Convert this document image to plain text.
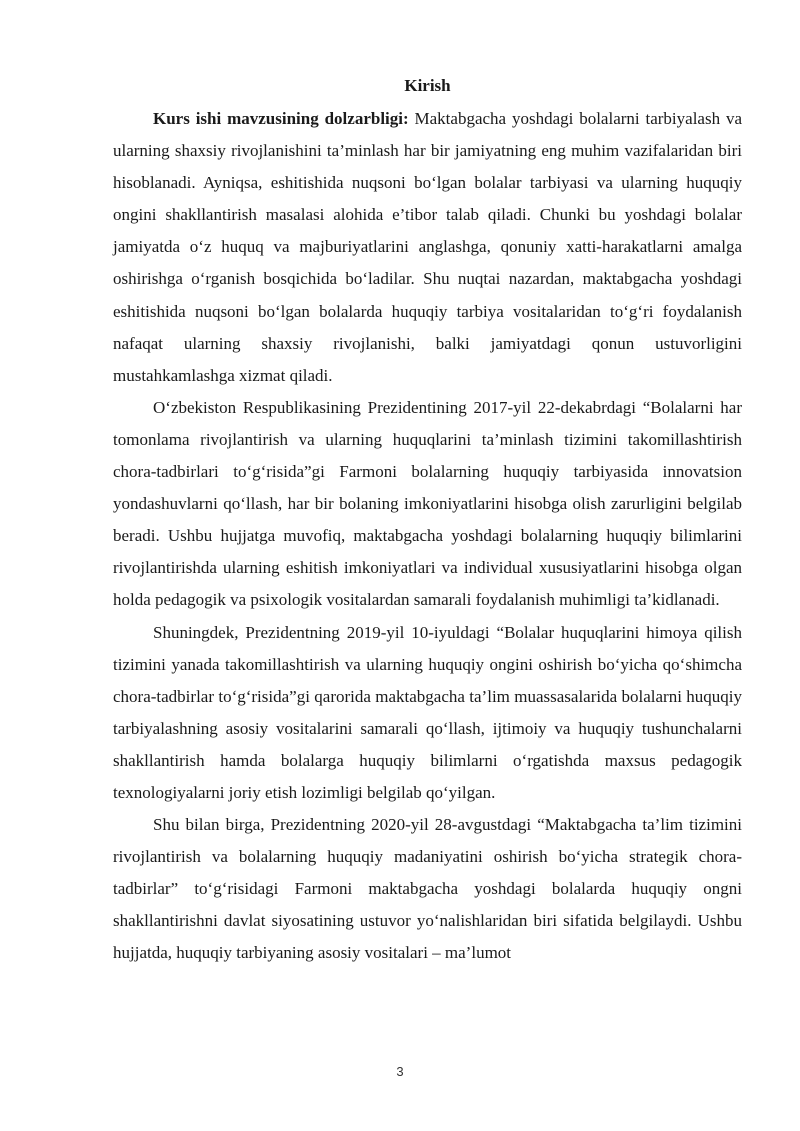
Kirish

Kurs ishi mavzusining dolzarbligi: Maktabgacha yoshdagi bolalarni tarbiyalash va ularning shaxsiy rivojlanishini ta’minlash har bir jamiyatning eng muhim vazifalaridan biri hisoblanadi. Ayniqsa, eshitishida nuqsoni bo‘lgan bolalar tarbiyasi va ularning huquqiy ongini shakllantirish masalasi alohida e’tibor talab qiladi. Chunki bu yoshdagi bolalar jamiyatda o‘z huquq va majburiyatlarini anglashga, qonuniy xatti-harakatlarni amalga oshirishga o‘rganish bosqichida bo‘ladilar. Shu nuqtai nazardan, maktabgacha yoshdagi eshitishida nuqsoni bo‘lgan bolalarda huquqiy tarbiya vositalaridan to‘g‘ri foydalanish nafaqat ularning shaxsiy rivojlanishi, balki jamiyatdagi qonun ustuvorligini mustahkamlashga xizmat qiladi.

O‘zbekiston Respublikasining Prezidentining 2017-yil 22-dekabrdagi “Bolalarni har tomonlama rivojlantirish va ularning huquqlarini ta’minlash tizimini takomillashtirish chora-tadbirlari to‘g‘risida”gi Farmoni bolalarning huquqiy tarbiyasida innovatsion yondashuvlarni qo‘llash, har bir bolaning imkoniyatlarini hisobga olish zarurligini belgilab beradi. Ushbu hujjatga muvofiq, maktabgacha yoshdagi bolalarning huquqiy bilimlarini rivojlantirishda ularning eshitish imkoniyatlari va individual xususiyatlarini hisobga olgan holda pedagogik va psixologik vositalardan samarali foydalanish muhimligi ta’kidlanadi.

Shuningdek, Prezidentning 2019-yil 10-iyuldagi “Bolalar huquqlarini himoya qilish tizimini yanada takomillashtirish va ularning huquqiy ongini oshirish bo‘yicha qo‘shimcha chora-tadbirlar to‘g‘risida”gi qarorida maktabgacha ta’lim muassasalarida bolalarni huquqiy tarbiyalashning asosiy vositalarini samarali qo‘llash, ijtimoiy va huquqiy tushunchalarni shakllantirish hamda bolalarga huquqiy bilimlarni o‘rgatishda maxsus pedagogik texnologiyalarni joriy etish lozimligi belgilab qo‘yilgan.

Shu bilan birga, Prezidentning 2020-yil 28-avgustdagi “Maktabgacha ta’lim tizimini rivojlantirish va bolalarning huquqiy madaniyatini oshirish bo‘yicha strategik chora-tadbirlar” to‘g‘risidagi Farmoni maktabgacha yoshdagi bolalarda huquqiy ongni shakllantirishni davlat siyosatining ustuvor yo‘nalishlaridan biri sifatida belgilaydi. Ushbu hujjatda, huquqiy tarbiyaning asosiy vositalari – ma’lumot

3
